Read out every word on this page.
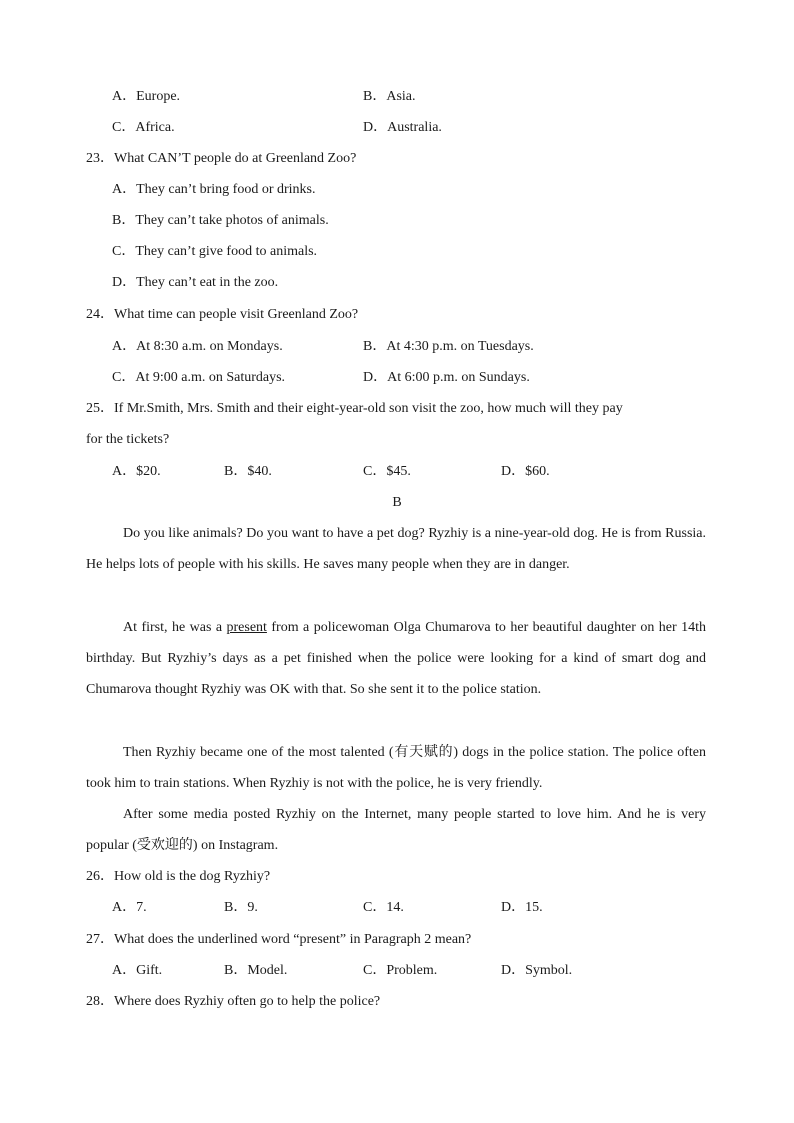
A．Europe.	B．Asia.
C．Africa.	D．Australia.
23．What CAN’T people do at Greenland Zoo?
A．They can’t bring food or drinks.
B．They can’t take photos of animals.
C．They can’t give food to animals.
D．They can’t eat in the zoo.
24．What time can people visit Greenland Zoo?
A．At 8:30 a.m. on Mondays.	B．At 4:30 p.m. on Tuesdays.
C．At 9:00 a.m. on Saturdays.	D．At 6:00 p.m. on Sundays.
25．If Mr.Smith, Mrs. Smith and their eight-year-old son visit the zoo, how much will they pay
for the tickets?
A．$20.	B．$40.	C．$45.	D．$60.
B
Do you like animals? Do you want to have a pet dog? Ryzhiy is a nine-year-old dog. He is from Russia. He helps lots of people with his skills. He saves many people when they are in danger.
At first, he was a present from a policewoman Olga Chumarova to her beautiful daughter on her 14th birthday. But Ryzhiy’s days as a pet finished when the police were looking for a kind of smart dog and Chumarova thought Ryzhiy was OK with that. So she sent it to the police station.
Then Ryzhiy became one of the most talented (有天赋的) dogs in the police station. The police often took him to train stations. When Ryzhiy is not with the police, he is very friendly.
After some media posted Ryzhiy on the Internet, many people started to love him. And he is very popular (受欢迎的) on Instagram.
26．How old is the dog Ryzhiy?
A．7.	B．9.	C．14.	D．15.
27．What does the underlined word “present” in Paragraph 2 mean?
A．Gift.	B．Model.	C．Problem.	D．Symbol.
28．Where does Ryzhiy often go to help the police?
